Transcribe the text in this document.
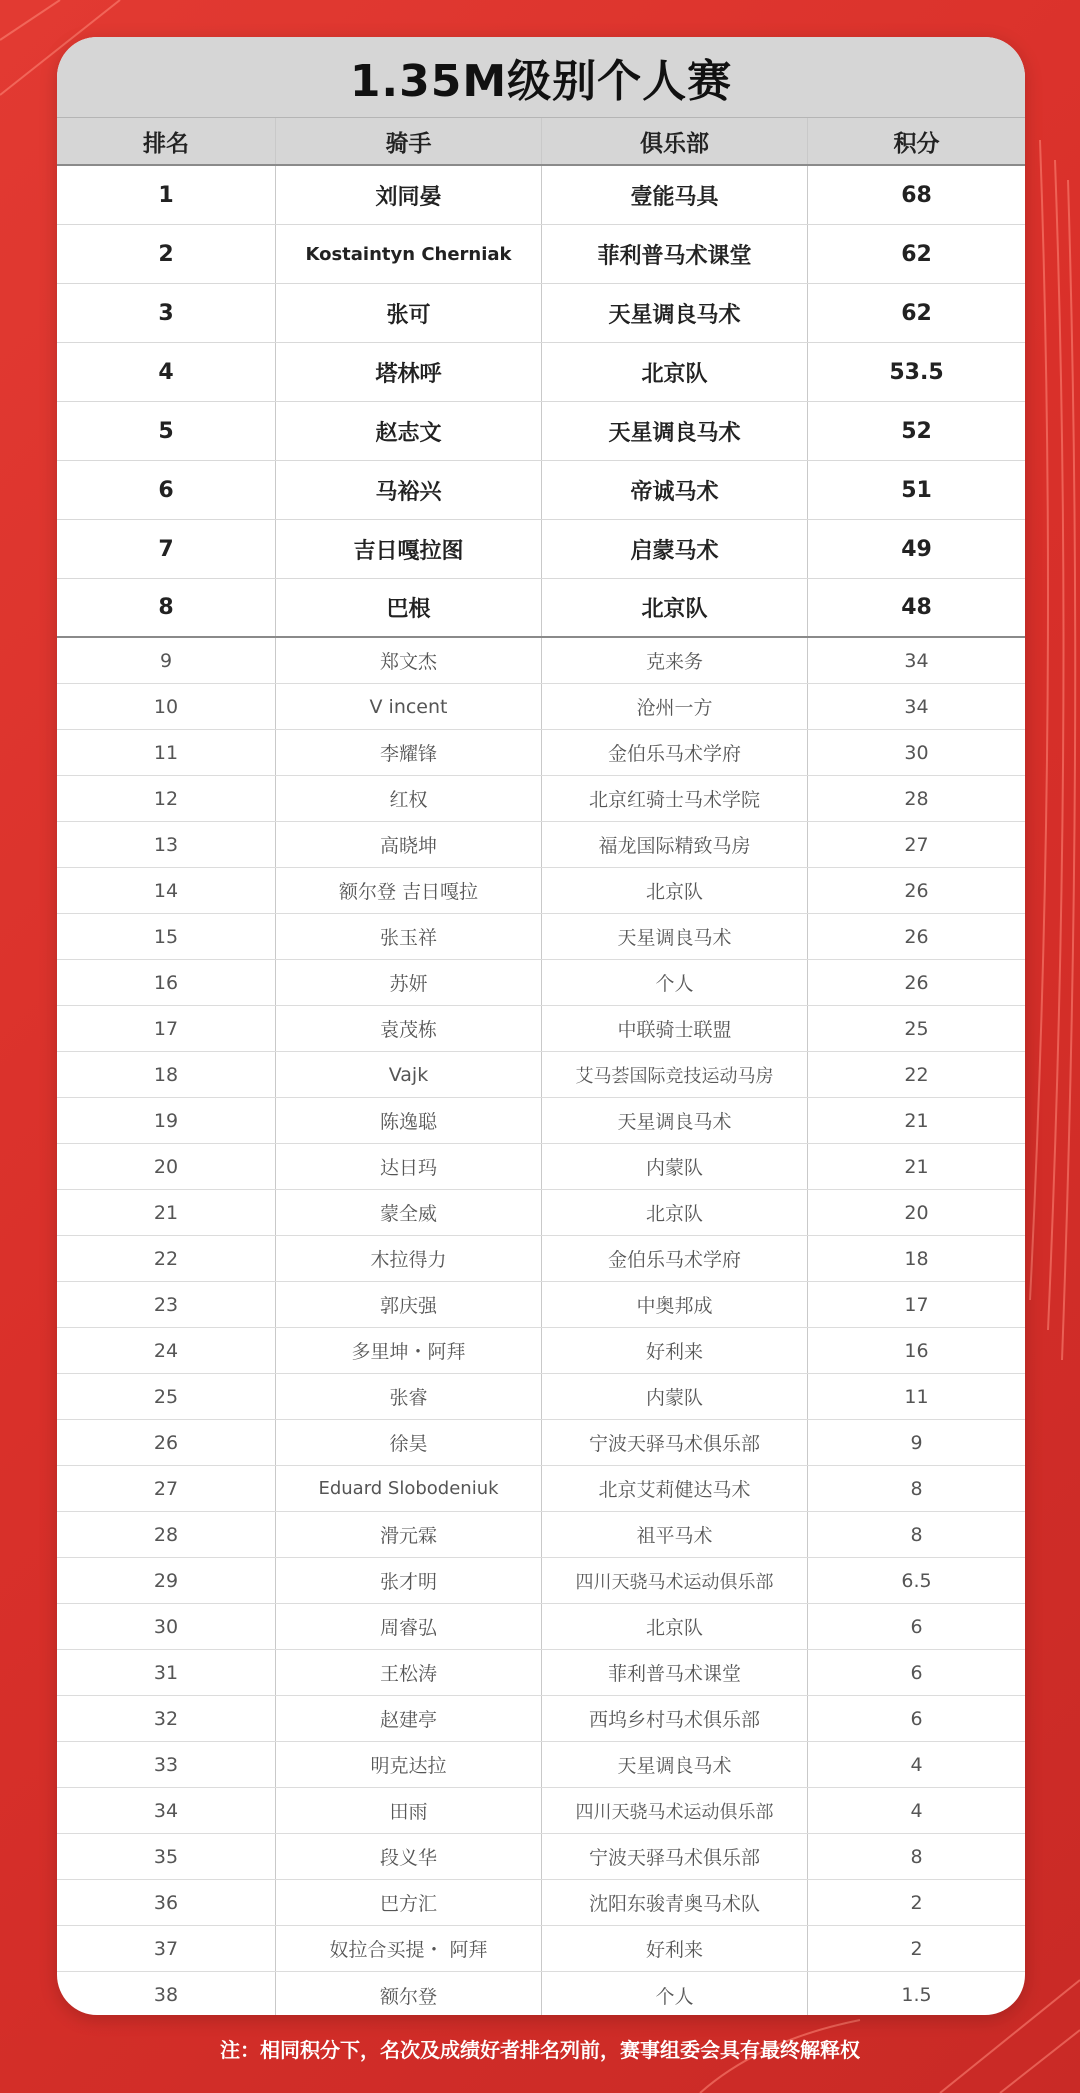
1.35M级别个人赛
排名	骑手	俱乐部	积分
1	刘同晏	壹能马具	68
2	Kostaintyn Cherniak	菲利普马术课堂	62
3	张可	天星调良马术	62
4	塔林呼	北京队	53.5
5	赵志文	天星调良马术	52
6	马裕兴	帝诚马术	51
7	吉日嘎拉图	启蒙马术	49
8	巴根	北京队	48
9	郑文杰	克来务	34
10	V incent	沧州一方	34
11	李耀锋	金伯乐马术学府	30
12	红权	北京红骑士马术学院	28
13	高晓坤	福龙国际精致马房	27
14	额尔登 吉日嘎拉	北京队	26
15	张玉祥	天星调良马术	26
16	苏妍	个人	26
17	袁茂栋	中联骑士联盟	25
18	Vajk	艾马荟国际竞技运动马房	22
19	陈逸聪	天星调良马术	21
20	达日玛	内蒙队	21
21	蒙全威	北京队	20
22	木拉得力	金伯乐马术学府	18
23	郭庆强	中奥邦成	17
24	多里坤・阿拜	好利来	16
25	张睿	内蒙队	11
26	徐昊	宁波天驿马术俱乐部	9
27	Eduard Slobodeniuk	北京艾莉健达马术	8
28	滑元霖	祖平马术	8
29	张才明	四川天骁马术运动俱乐部	6.5
30	周睿弘	北京队	6
31	王松涛	菲利普马术课堂	6
32	赵建亭	西坞乡村马术俱乐部	6
33	明克达拉	天星调良马术	4
34	田雨	四川天骁马术运动俱乐部	4
35	段义华	宁波天驿马术俱乐部	8
36	巴方汇	沈阳东骏青奥马术队	2
37	奴拉合买提・ 阿拜	好利来	2
38	额尔登	个人	1.5
注：相同积分下，名次及成绩好者排名列前，赛事组委会具有最终解释权
